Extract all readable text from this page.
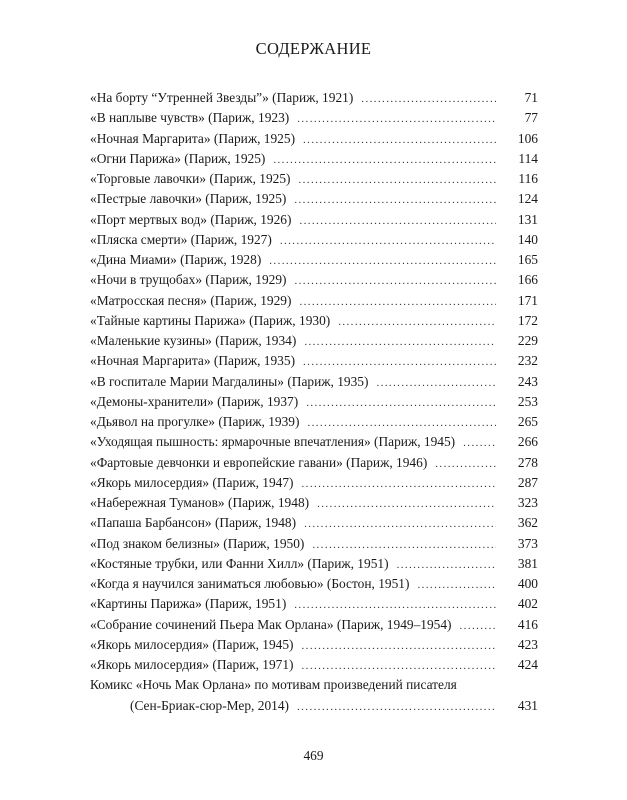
СОДЕРЖАНИЕ
«На борту “Утренней Звезды”» (Париж, 1921) .....	71
«В наплыве чувств» (Париж, 1923) .....	77
«Ночная Маргарита» (Париж, 1925) .....	106
«Огни Парижа» (Париж, 1925) .....	114
«Торговые лавочки» (Париж, 1925) .....	116
«Пестрые лавочки» (Париж, 1925) .....	124
«Порт мертвых вод» (Париж, 1926) .....	131
«Пляска смерти» (Париж, 1927) .....	140
«Дина Миами» (Париж, 1928) .....	165
«Ночи в трущобах» (Париж, 1929) .....	166
«Матросская песня» (Париж, 1929) .....	171
«Тайные картины Парижа» (Париж, 1930) .....	172
«Маленькие кузины» (Париж, 1934) .....	229
«Ночная Маргарита» (Париж, 1935) .....	232
«В госпитале Марии Магдалины» (Париж, 1935) .....	243
«Демоны-хранители» (Париж, 1937) .....	253
«Дьявол на прогулке» (Париж, 1939) .....	265
«Уходящая пышность: ярмарочные впечатления» (Париж, 1945) .....	266
«Фартовые девчонки и европейские гавани» (Париж, 1946) .....	278
«Якорь милосердия» (Париж, 1947) .....	287
«Набережная Туманов» (Париж, 1948) .....	323
«Папаша Барбансон» (Париж, 1948) .....	362
«Под знаком белизны» (Париж, 1950) .....	373
«Костяные трубки, или Фанни Хилл» (Париж, 1951) .....	381
«Когда я научился заниматься любовью» (Бостон, 1951) .....	400
«Картины Парижа» (Париж, 1951) .....	402
«Собрание сочинений Пьера Мак Орлана» (Париж, 1949–1954) .....	416
«Якорь милосердия» (Париж, 1945) .....	423
«Якорь милосердия» (Париж, 1971) .....	424
Комикс «Ночь Мак Орлана» по мотивам произведений писателя
(Сен-Бриак-сюр-Мер, 2014) .....	431
469
